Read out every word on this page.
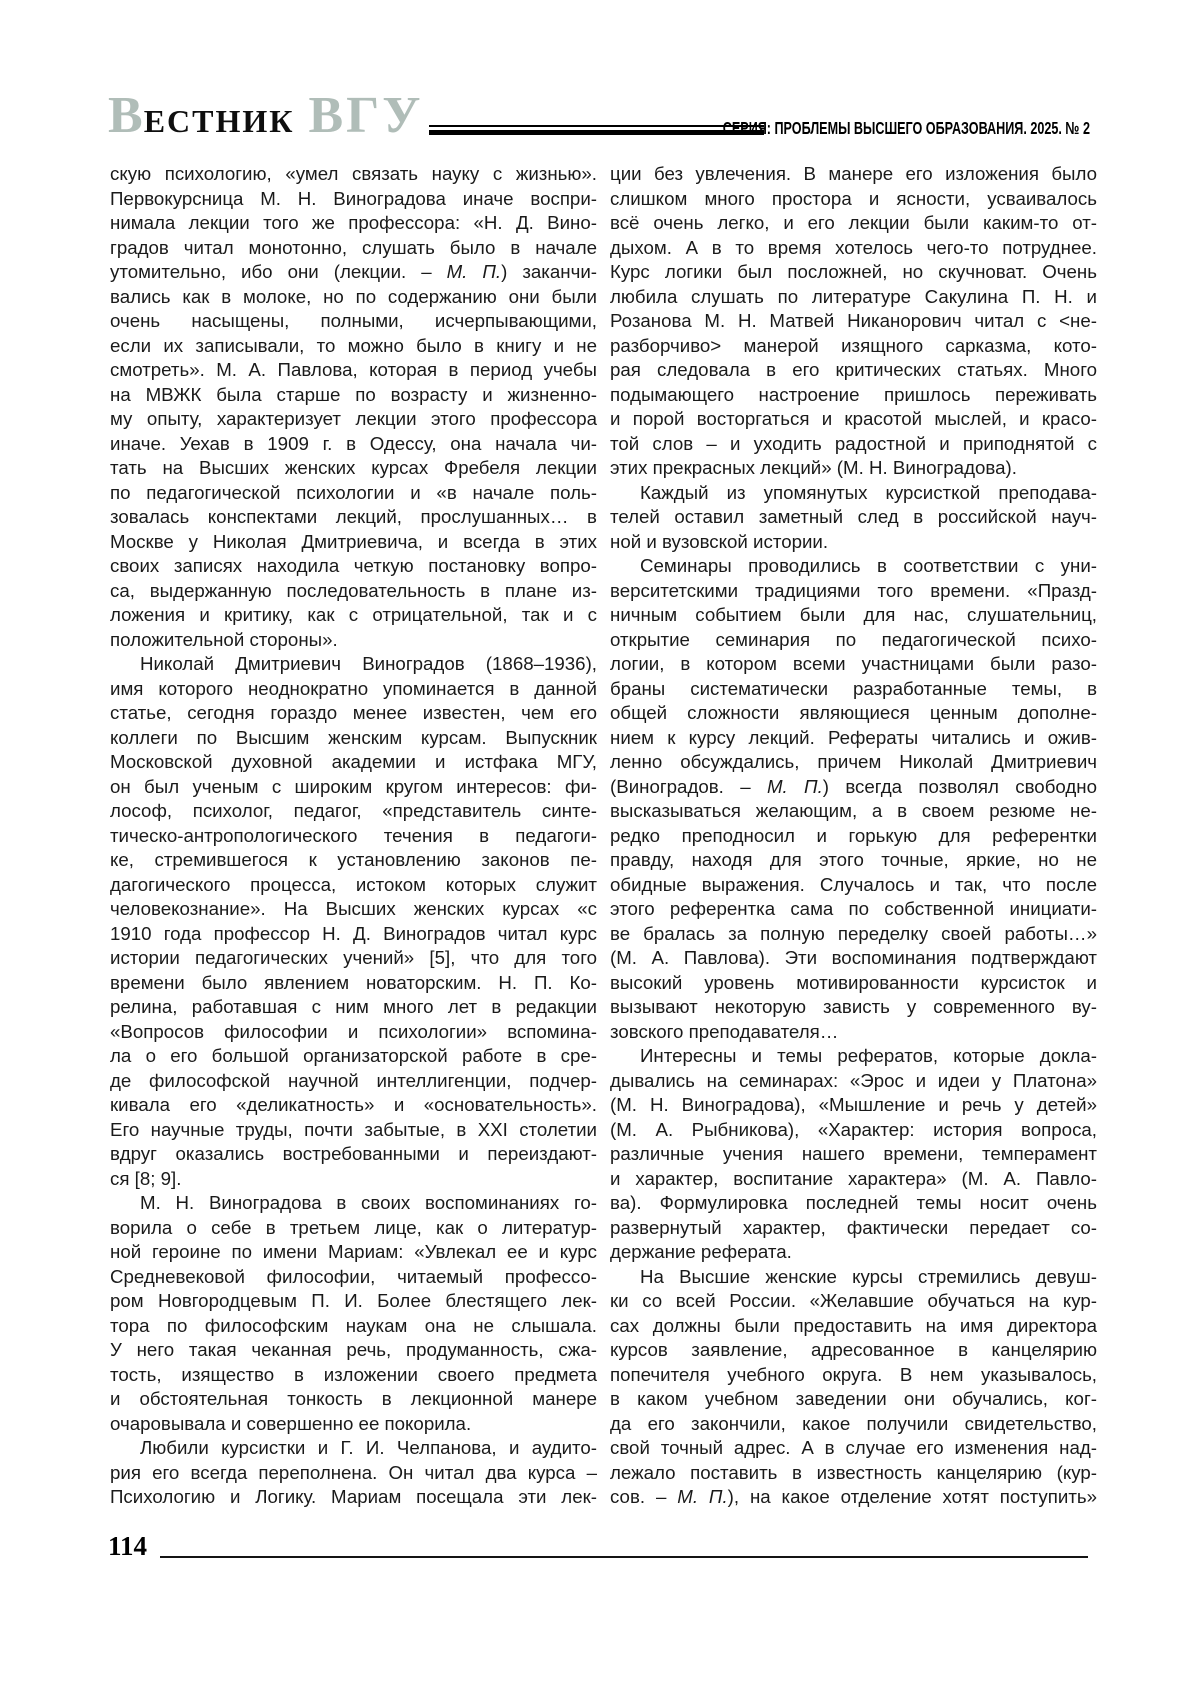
ВЕСТНИК ВГУ	СЕРИЯ: ПРОБЛЕМЫ ВЫСШЕГО ОБРАЗОВАНИЯ. 2025. № 2
скую психологию, «умел связать науку с жизнью».
Первокурсница М. Н. Виноградова иначе воспри-
нимала лекции того же профессора: «Н. Д. Вино-
градов читал монотонно, слушать было в начале
утомительно, ибо они (лекции. – М. П.) заканчи-
вались как в молоке, но по содержанию они были
очень насыщены, полными, исчерпывающими,
если их записывали, то можно было в книгу и не
смотреть». М. А. Павлова, которая в период учебы
на МВЖК была старше по возрасту и жизненно-
му опыту, характеризует лекции этого профессора
иначе. Уехав в 1909 г. в Одессу, она начала чи-
тать на Высших женских курсах Фребеля лекции
по педагогической психологии и «в начале поль-
зовалась конспектами лекций, прослушанных… в
Москве у Николая Дмитриевича, и всегда в этих
своих записях находила четкую постановку вопро-
са, выдержанную последовательность в плане из-
ложения и критику, как с отрицательной, так и с
положительной стороны».
Николай Дмитриевич Виноградов (1868–1936),
имя которого неоднократно упоминается в данной
статье, сегодня гораздо менее известен, чем его
коллеги по Высшим женским курсам. Выпускник
Московской духовной академии и истфака МГУ,
он был ученым с широким кругом интересов: фи-
лософ, психолог, педагог, «представитель синте-
тическо-антропологического течения в педагоги-
ке, стремившегося к установлению законов пе-
дагогического процесса, истоком которых служит
человекознание». На Высших женских курсах «с
1910 года профессор Н. Д. Виноградов читал курс
истории педагогических учений» [5], что для того
времени было явлением новаторским. Н. П. Ко-
релина, работавшая с ним много лет в редакции
«Вопросов философии и психологии» вспомина-
ла о его большой организаторской работе в сре-
де философской научной интеллигенции, подчер-
кивала его «деликатность» и «основательность».
Его научные труды, почти забытые, в XXI столетии
вдруг оказались востребованными и переиздают-
ся [8; 9].
М. Н. Виноградова в своих воспоминаниях го-
ворила о себе в третьем лице, как о литератур-
ной героине по имени Мариам: «Увлекал ее и курс
Средневековой философии, читаемый профессо-
ром Новгородцевым П. И. Более блестящего лек-
тора по философским наукам она не слышала.
У него такая чеканная речь, продуманность, сжа-
тость, изящество в изложении своего предмета
и обстоятельная тонкость в лекционной манере
очаровывала и совершенно ее покорила.
Любили курсистки и Г. И. Челпанова, и аудито-
рия его всегда переполнена. Он читал два курса –
Психологию и Логику. Мариам посещала эти лек-
ции без увлечения. В манере его изложения было
слишком много простора и ясности, усваивалось
всё очень легко, и его лекции были каким-то от-
дыхом. А в то время хотелось чего-то потруднее.
Курс логики был посложней, но скучноват. Очень
любила слушать по литературе Сакулина П. Н. и
Розанова М. Н. Матвей Никанорович читал с <не-
разборчиво> манерой изящного сарказма, кото-
рая следовала в его критических статьях. Много
подымающего настроение пришлось переживать
и порой восторгаться и красотой мыслей, и красо-
той слов – и уходить радостной и приподнятой с
этих прекрасных лекций» (М. Н. Виноградова).
Каждый из упомянутых курсисткой преподава-
телей оставил заметный след в российской науч-
ной и вузовской истории.
Семинары проводились в соответствии с уни-
верситетскими традициями того времени. «Празд-
ничным событием были для нас, слушательниц,
открытие семинария по педагогической психо-
логии, в котором всеми участницами были разо-
браны систематически разработанные темы, в
общей сложности являющиеся ценным дополне-
нием к курсу лекций. Рефераты читались и ожив-
ленно обсуждались, причем Николай Дмитриевич
(Виноградов. – М. П.) всегда позволял свободно
высказываться желающим, а в своем резюме не-
редко преподносил и горькую для референтки
правду, находя для этого точные, яркие, но не
обидные выражения. Случалось и так, что после
этого референтка сама по собственной инициати-
ве бралась за полную переделку своей работы…»
(М. А. Павлова). Эти воспоминания подтверждают
высокий уровень мотивированности курсисток и
вызывают некоторую зависть у современного ву-
зовского преподавателя…
Интересны и темы рефератов, которые докла-
дывались на семинарах: «Эрос и идеи у Платона»
(М. Н. Виноградова), «Мышление и речь у детей»
(М. А. Рыбникова), «Характер: история вопроса,
различные учения нашего времени, темперамент
и характер, воспитание характера» (М. А. Павло-
ва). Формулировка последней темы носит очень
развернутый характер, фактически передает со-
держание реферата.
На Высшие женские курсы стремились девуш-
ки со всей России. «Желавшие обучаться на кур-
сах должны были предоставить на имя директора
курсов заявление, адресованное в канцелярию
попечителя учебного округа. В нем указывалось,
в каком учебном заведении они обучались, ког-
да его закончили, какое получили свидетельство,
свой точный адрес. А в случае его изменения над-
лежало поставить в известность канцелярию (кур-
сов. – М. П.), на какое отделение хотят поступить»
114
